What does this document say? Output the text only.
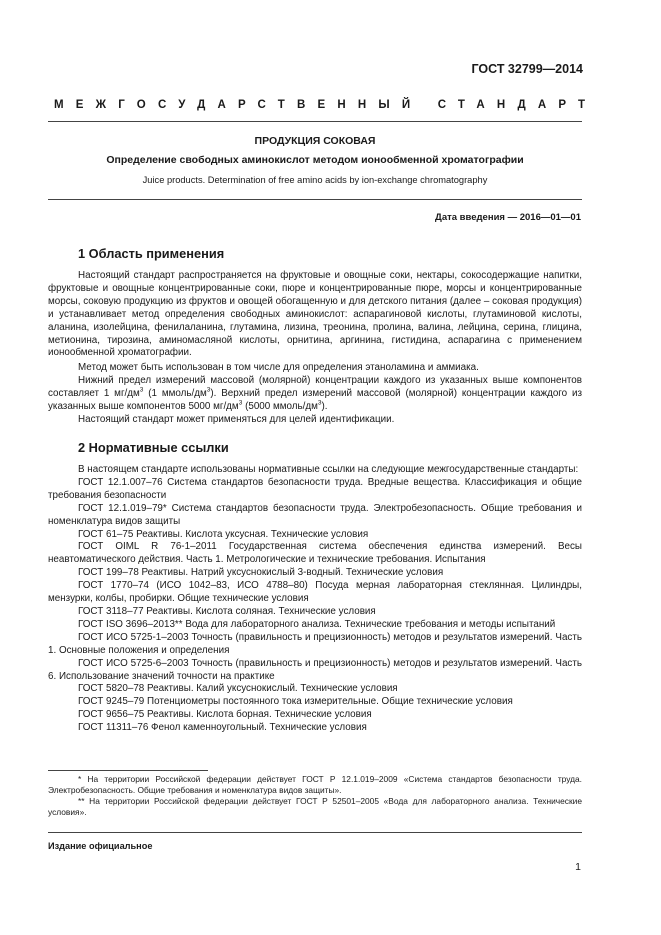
ГОСТ 32799—2014
МЕЖГОСУДАРСТВЕННЫЙ СТАНДАРТ
ПРОДУКЦИЯ СОКОВАЯ
Определение свободных аминокислот методом ионообменной хроматографии
Juice products. Determination of free amino acids by ion-exchange chromatography
Дата введения — 2016—01—01
1 Область применения

Настоящий стандарт распространяется на фруктовые и овощные соки, нектары, сокосодержащие напитки, фруктовые и овощные концентрированные соки, пюре и концентрированные пюре, морсы и концентрированные морсы, соковую продукцию из фруктов и овощей обогащенную и для детского питания (далее – соковая продукция) и устанавливает метод определения свободных аминокислот: аспарагиновой кислоты, глутаминовой кислоты, аланина, изолейцина, фенилаланина, глутамина, лизина, треонина, пролина, валина, лейцина, серина, глицина, метионина, тирозина, аминомасляной кислоты, орнитина, аргинина, гистидина, аспарагина с применением ионообменной хроматографии.

Метод может быть использован в том числе для определения этаноламина и аммиака.

Нижний предел измерений массовой (молярной) концентрации каждого из указанных выше компонентов составляет 1 $мг/дм^3$ (1 ммоль/$дм^3$). Верхний предел измерений массовой (молярной) концентрации каждого из указанных выше компонентов 5000 $мг/дм^3$ (5000 ммоль/$дм^3$).

Настоящий стандарт может применяться для целей идентификации.

2 Нормативные ссылки

В настоящем стандарте использованы нормативные ссылки на следующие межгосударственные стандарты:

ГОСТ 12.1.007–76 Система стандартов безопасности труда. Вредные вещества. Классификация и общие требования безопасности

ГОСТ 12.1.019–79* Система стандартов безопасности труда. Электробезопасность. Общие требования и номенклатура видов защиты

ГОСТ 61–75 Реактивы. Кислота уксусная. Технические условия

ГОСТ OIML R 76-1–2011 Государственная система обеспечения единства измерений. Весы неавтоматического действия. Часть 1. Метрологические и технические требования. Испытания

ГОСТ 199–78 Реактивы. Натрий уксуснокислый 3-водный. Технические условия

ГОСТ 1770–74 (ИСО 1042–83, ИСО 4788–80) Посуда мерная лабораторная стеклянная. Цилиндры, мензурки, колбы, пробирки. Общие технические условия

ГОСТ 3118–77 Реактивы. Кислота соляная. Технические условия

ГОСТ ISO 3696–2013** Вода для лабораторного анализа. Технические требования и методы испытаний

ГОСТ ИСО 5725-1–2003 Точность (правильность и прецизионность) методов и результатов измерений. Часть 1. Основные положения и определения

ГОСТ ИСО 5725-6–2003 Точность (правильность и прецизионность) методов и результатов измерений. Часть 6. Использование значений точности на практике

ГОСТ 5820–78 Реактивы. Калий уксуснокислый. Технические условия

ГОСТ 9245–79 Потенциометры постоянного тока измерительные. Общие технические условия

ГОСТ 9656–75 Реактивы. Кислота борная. Технические условия

ГОСТ 11311–76 Фенол каменноугольный. Технические условия

* На территории Российской федерации действует ГОСТ Р 12.1.019–2009 «Система стандартов безопасности труда. Электробезопасность. Общие требования и номенклатура видов защиты».

** На территории Российской федерации действует ГОСТ Р 52501–2005 «Вода для лабораторного анализа. Технические условия».

Издание официальное
1
